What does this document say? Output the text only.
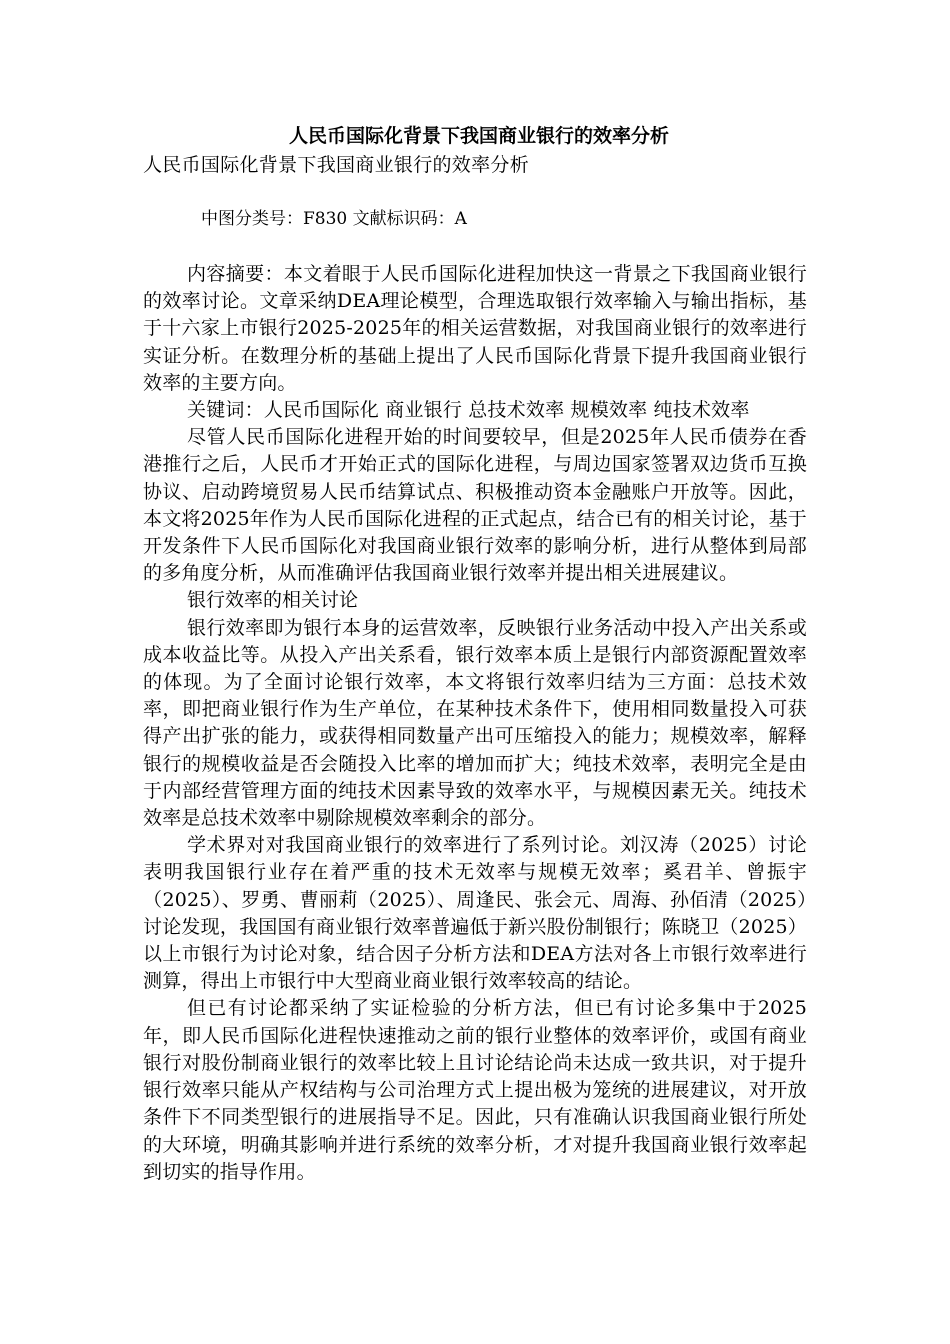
人民币国际化背景下我国商业银行的效率分析

人民币国际化背景下我国商业银行的效率分析

中图分类号：F830 文献标识码：A

内容摘要：本文着眼于人民币国际化进程加快这一背景之下我国商业银行的效率讨论。文章采纳DEA理论模型，合理选取银行效率输入与输出指标，基于十六家上市银行2025-2025年的相关运营数据，对我国商业银行的效率进行实证分析。在数理分析的基础上提出了人民币国际化背景下提升我国商业银行效率的主要方向。

关键词：人民币国际化 商业银行 总技术效率 规模效率 纯技术效率

尽管人民币国际化进程开始的时间要较早，但是2025年人民币债券在香港推行之后，人民币才开始正式的国际化进程，与周边国家签署双边货币互换协议、启动跨境贸易人民币结算试点、积极推动资本金融账户开放等。因此，本文将2025年作为人民币国际化进程的正式起点，结合已有的相关讨论，基于开发条件下人民币国际化对我国商业银行效率的影响分析，进行从整体到局部的多角度分析，从而准确评估我国商业银行效率并提出相关进展建议。

银行效率的相关讨论

银行效率即为银行本身的运营效率，反映银行业务活动中投入产出关系或成本收益比等。从投入产出关系看，银行效率本质上是银行内部资源配置效率的体现。为了全面讨论银行效率，本文将银行效率归结为三方面：总技术效率，即把商业银行作为生产单位，在某种技术条件下，使用相同数量投入可获得产出扩张的能力，或获得相同数量产出可压缩投入的能力；规模效率，解释银行的规模收益是否会随投入比率的增加而扩大；纯技术效率，表明完全是由于内部经营管理方面的纯技术因素导致的效率水平，与规模因素无关。纯技术效率是总技术效率中剔除规模效率剩余的部分。

学术界对对我国商业银行的效率进行了系列讨论。刘汉涛（2025）讨论表明我国银行业存在着严重的技术无效率与规模无效率；奚君羊、曾振宇（2025）、罗勇、曹丽莉（2025）、周逢民、张会元、周海、孙佰清（2025）讨论发现，我国国有商业银行效率普遍低于新兴股份制银行；陈晓卫（2025）以上市银行为讨论对象，结合因子分析方法和DEA方法对各上市银行效率进行测算，得出上市银行中大型商业商业银行效率较高的结论。

但已有讨论都采纳了实证检验的分析方法，但已有讨论多集中于2025年，即人民币国际化进程快速推动之前的银行业整体的效率评价，或国有商业银行对股份制商业银行的效率比较上且讨论结论尚未达成一致共识，对于提升银行效率只能从产权结构与公司治理方式上提出极为笼统的进展建议，对开放条件下不同类型银行的进展指导不足。因此，只有准确认识我国商业银行所处的大环境，明确其影响并进行系统的效率分析，才对提升我国商业银行效率起到切实的指导作用。
